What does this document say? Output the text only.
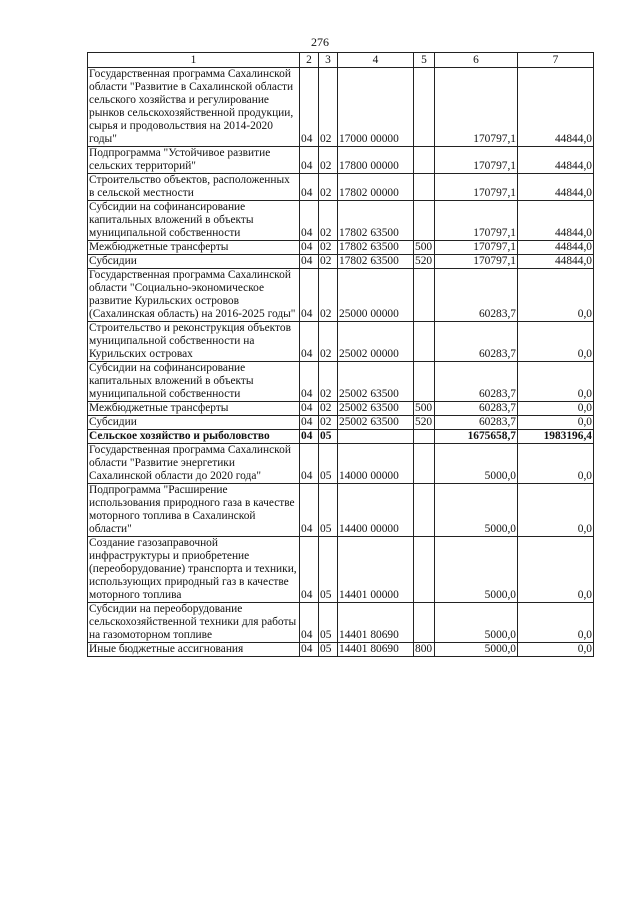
276
1	2	3	4	5	6	7
Государственная программа Сахалинской области "Развитие в Сахалинской области сельского хозяйства и регулирование рынков сельскохозяйственной продукции, сырья и продовольствия на 2014-2020 годы"	04	02	17000 00000		170797,1	44844,0
Подпрограмма "Устойчивое развитие сельских территорий"	04	02	17800 00000		170797,1	44844,0
Строительство объектов, расположенных в сельской местности	04	02	17802 00000		170797,1	44844,0
Субсидии на софинансирование капитальных вложений в объекты муниципальной собственности	04	02	17802 63500		170797,1	44844,0
Межбюджетные трансферты	04	02	17802 63500	500	170797,1	44844,0
Субсидии	04	02	17802 63500	520	170797,1	44844,0
Государственная программа Сахалинской области "Социально-экономическое развитие Курильских островов (Сахалинская область) на 2016-2025 годы"	04	02	25000 00000		60283,7	0,0
Строительство и реконструкция объектов муниципальной собственности на Курильских островах	04	02	25002 00000		60283,7	0,0
Субсидии на софинансирование капитальных вложений в объекты муниципальной собственности	04	02	25002 63500		60283,7	0,0
Межбюджетные трансферты	04	02	25002 63500	500	60283,7	0,0
Субсидии	04	02	25002 63500	520	60283,7	0,0
Сельское хозяйство и рыболовство	04	05			1675658,7	1983196,4
Государственная программа Сахалинской области "Развитие энергетики Сахалинской области до 2020 года"	04	05	14000 00000		5000,0	0,0
Подпрограмма "Расширение использования природного газа в качестве моторного топлива в Сахалинской области"	04	05	14400 00000		5000,0	0,0
Создание газозаправочной инфраструктуры и приобретение (переоборудование) транспорта и техники, использующих природный газ в качестве моторного топлива	04	05	14401 00000		5000,0	0,0
Субсидии на переоборудование сельскохозяйственной техники для работы на газомоторном топливе	04	05	14401 80690		5000,0	0,0
Иные бюджетные ассигнования	04	05	14401 80690	800	5000,0	0,0
